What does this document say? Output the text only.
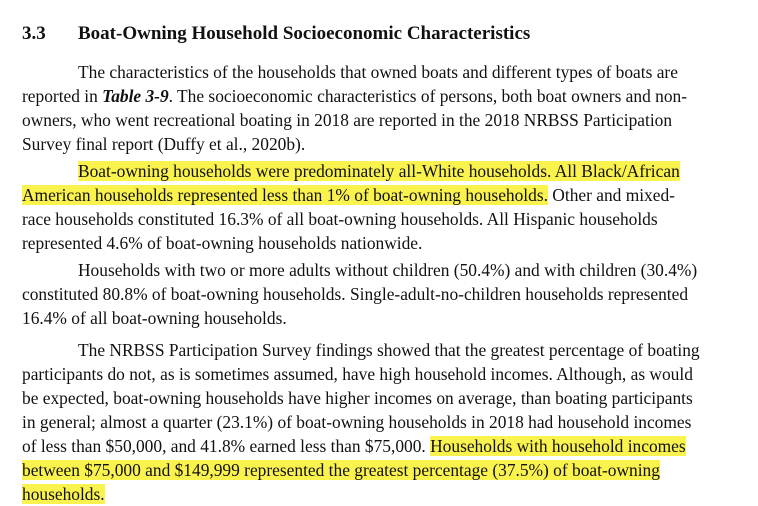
3.3 Boat-Owning Household Socioeconomic Characteristics
The characteristics of the households that owned boats and different types of boats are
reported in Table 3-9. The socioeconomic characteristics of persons, both boat owners and non-
owners, who went recreational boating in 2018 are reported in the 2018 NRBSS Participation
Survey final report (Duffy et al., 2020b).
Boat-owning households were predominately all-White households. All Black/African
American households represented less than 1% of boat-owning households. Other and mixed-
race households constituted 16.3% of all boat-owning households. All Hispanic households
represented 4.6% of boat-owning households nationwide.
Households with two or more adults without children (50.4%) and with children (30.4%)
constituted 80.8% of boat-owning households. Single-adult-no-children households represented
16.4% of all boat-owning households.
The NRBSS Participation Survey findings showed that the greatest percentage of boating
participants do not, as is sometimes assumed, have high household incomes. Although, as would
be expected, boat-owning households have higher incomes on average, than boating participants
in general; almost a quarter (23.1%) of boat-owning households in 2018 had household incomes
of less than $50,000, and 41.8% earned less than $75,000. Households with household incomes
between $75,000 and $149,999 represented the greatest percentage (37.5%) of boat-owning
households.
